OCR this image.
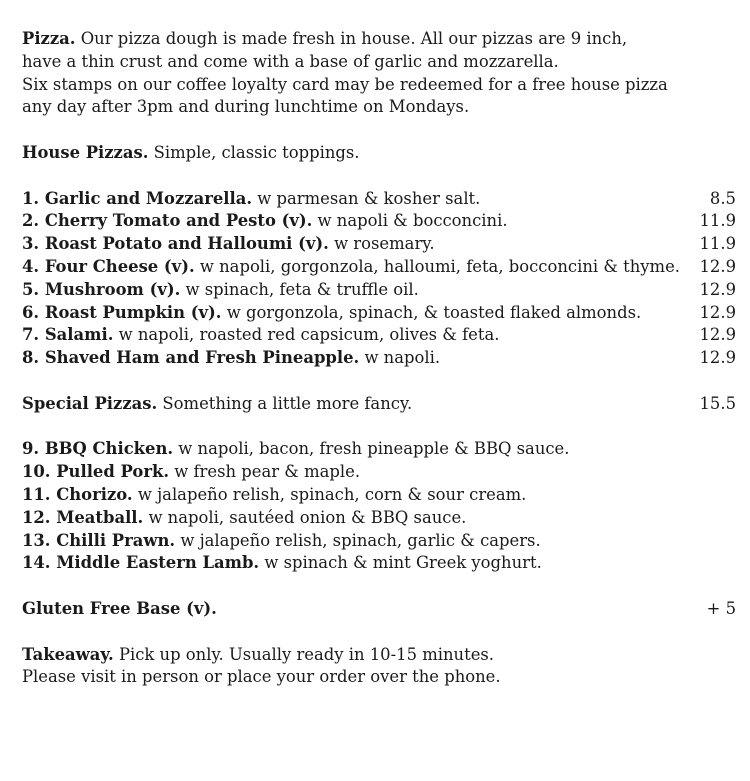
Pizza. Our pizza dough is made fresh in house. All our pizzas are 9 inch,
have a thin crust and come with a base of garlic and mozzarella.
Six stamps on our coffee loyalty card may be redeemed for a free house pizza
any day after 3pm and during lunchtime on Mondays.
House Pizzas. Simple, classic toppings.
1. Garlic and Mozzarella. w parmesan & kosher salt.	8.5
2. Cherry Tomato and Pesto (v). w napoli & bocconcini.	11.9
3. Roast Potato and Halloumi (v). w rosemary.	11.9
4. Four Cheese (v). w napoli, gorgonzola, halloumi, feta, bocconcini & thyme.	12.9
5. Mushroom (v). w spinach, feta & truffle oil.	12.9
6. Roast Pumpkin (v). w gorgonzola, spinach, & toasted flaked almonds.	12.9
7. Salami. w napoli, roasted red capsicum, olives & feta.	12.9
8. Shaved Ham and Fresh Pineapple. w napoli.	12.9
Special Pizzas. Something a little more fancy.	15.5
9. BBQ Chicken. w napoli, bacon, fresh pineapple & BBQ sauce.
10. Pulled Pork. w fresh pear & maple.
11. Chorizo. w jalapeño relish, spinach, corn & sour cream.
12. Meatball. w napoli, sautéed onion & BBQ sauce.
13. Chilli Prawn. w jalapeño relish, spinach, garlic & capers.
14. Middle Eastern Lamb. w spinach & mint Greek yoghurt.
Gluten Free Base (v).	+ 5
Takeaway. Pick up only. Usually ready in 10-15 minutes.
Please visit in person or place your order over the phone.
